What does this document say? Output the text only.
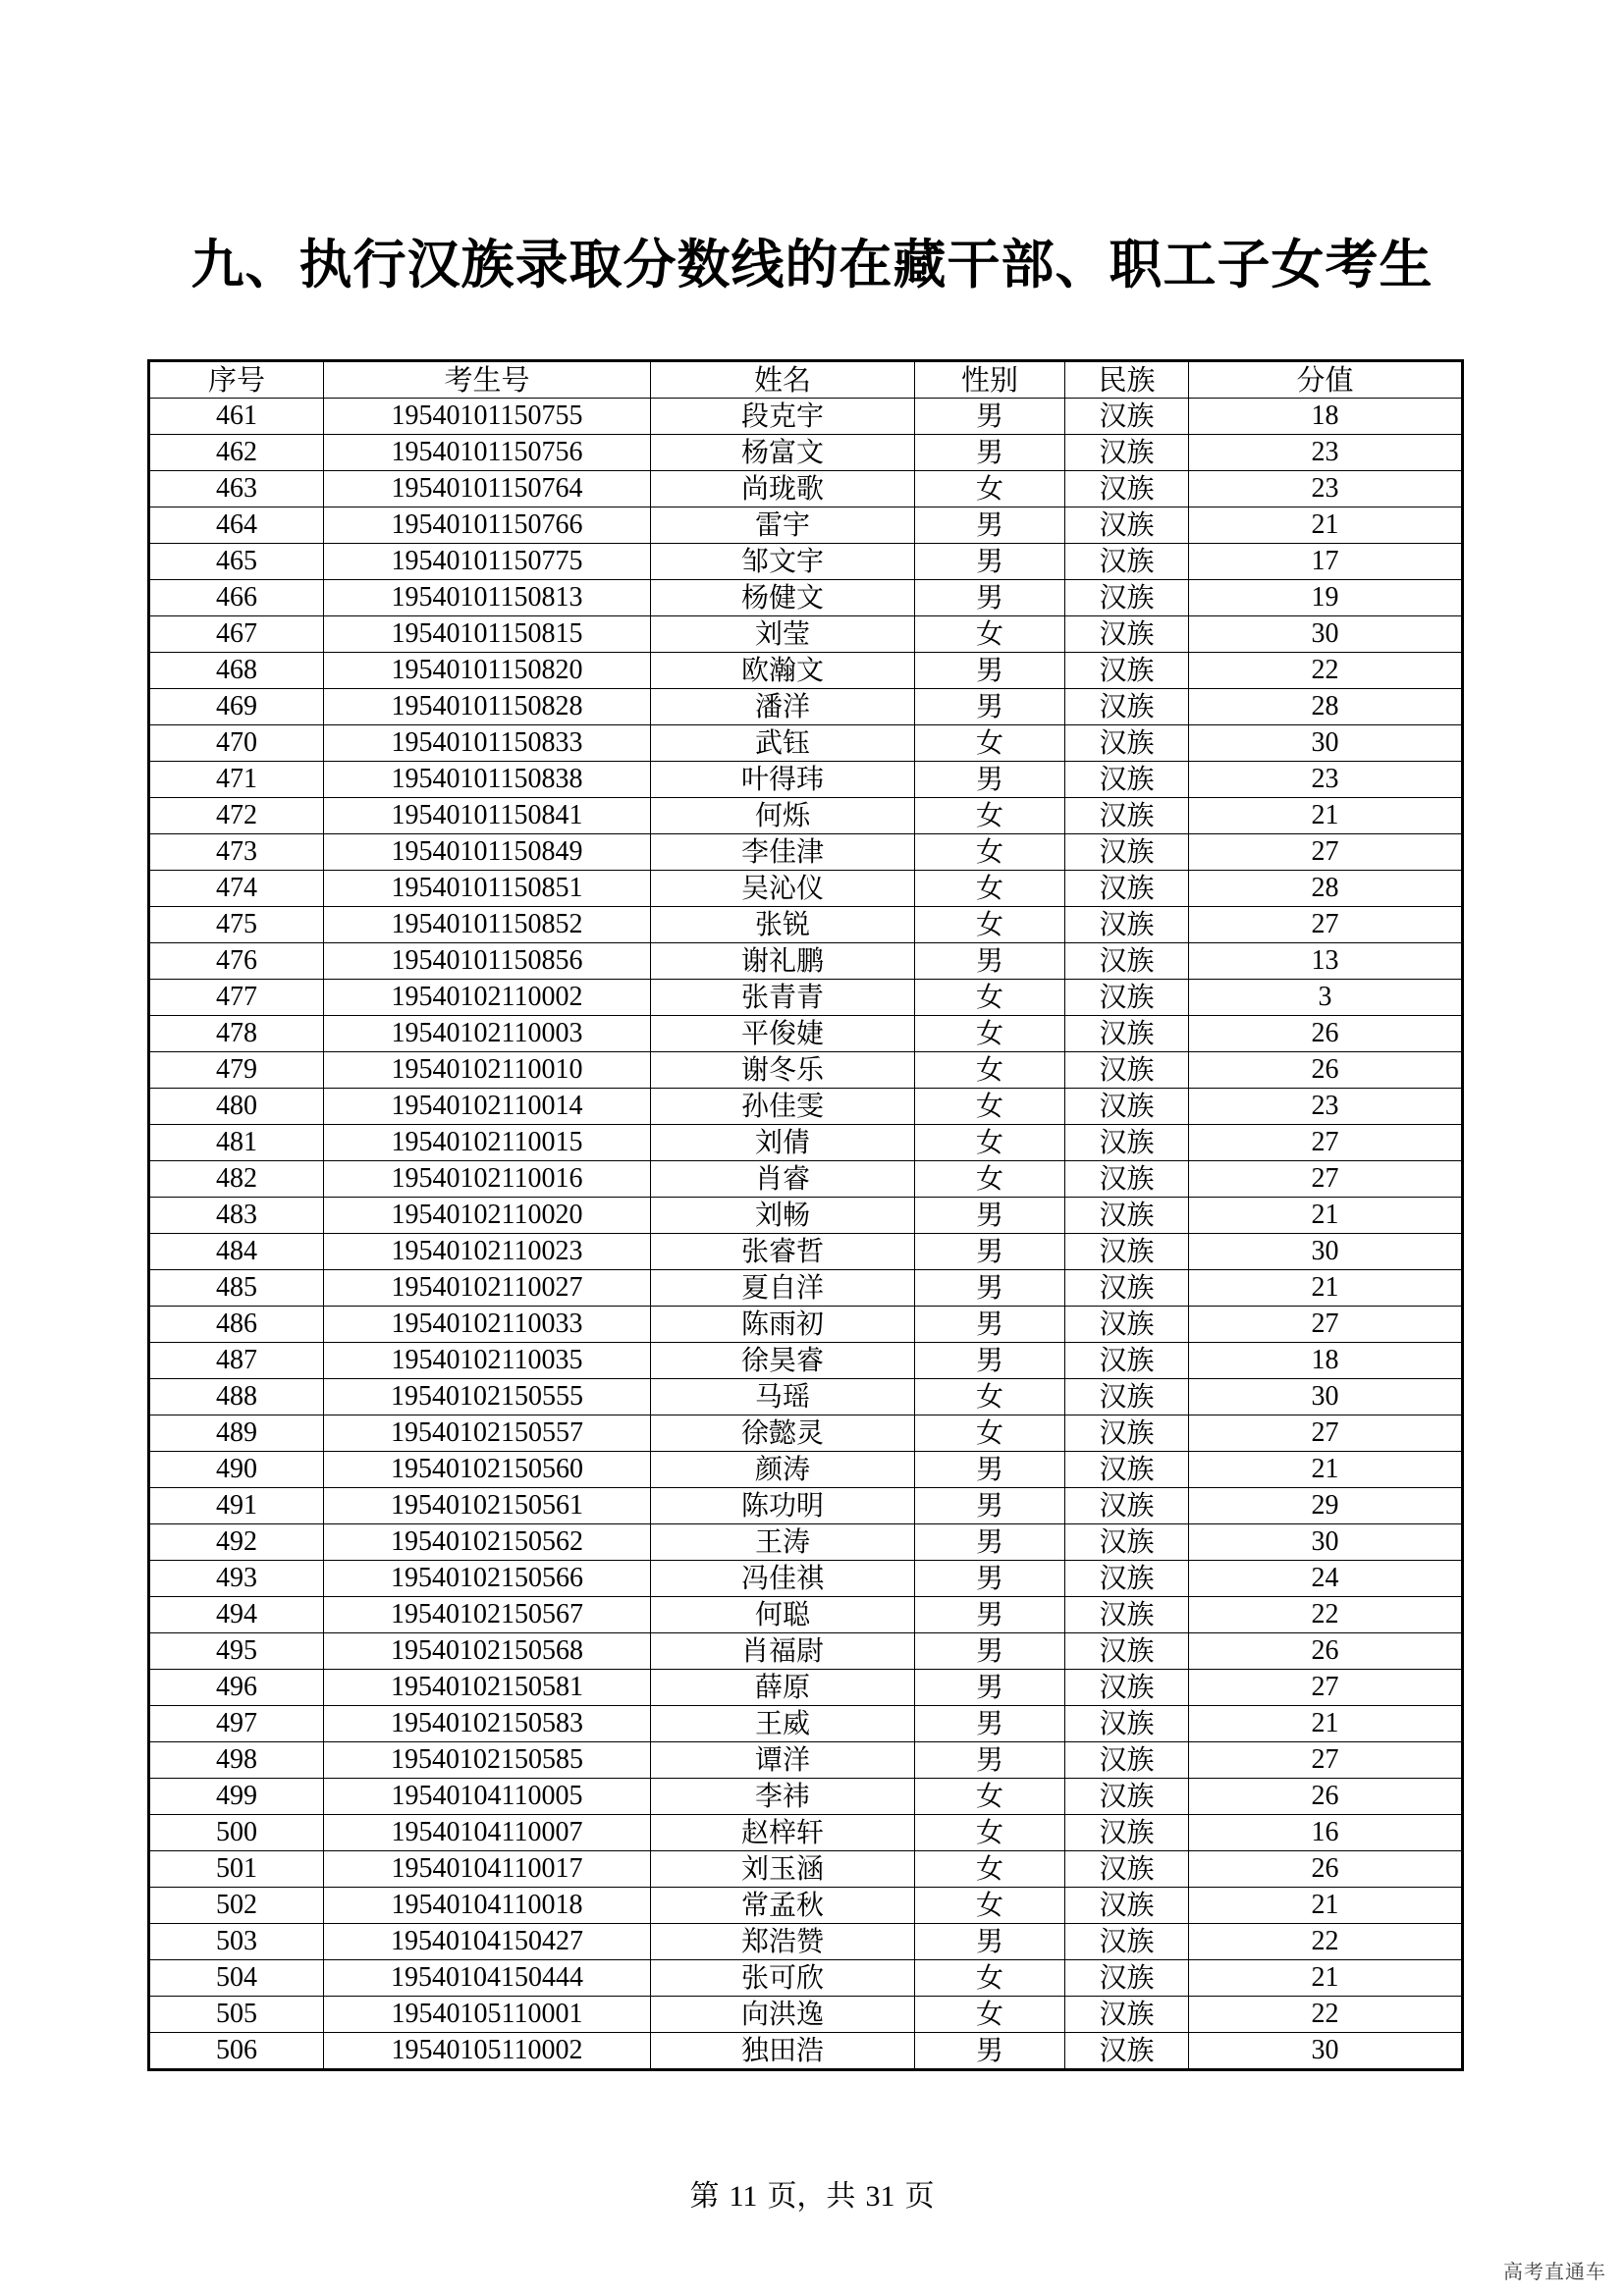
九、执行汉族录取分数线的在藏干部、职工子女考生
序号	考生号	姓名	性别	民族	分值
461	19540101150755	段克宇	男	汉族	18
462	19540101150756	杨富文	男	汉族	23
463	19540101150764	尚珑歌	女	汉族	23
464	19540101150766	雷宇	男	汉族	21
465	19540101150775	邹文宇	男	汉族	17
466	19540101150813	杨健文	男	汉族	19
467	19540101150815	刘莹	女	汉族	30
468	19540101150820	欧瀚文	男	汉族	22
469	19540101150828	潘洋	男	汉族	28
470	19540101150833	武钰	女	汉族	30
471	19540101150838	叶得玮	男	汉族	23
472	19540101150841	何烁	女	汉族	21
473	19540101150849	李佳津	女	汉族	27
474	19540101150851	吴沁仪	女	汉族	28
475	19540101150852	张锐	女	汉族	27
476	19540101150856	谢礼鹏	男	汉族	13
477	19540102110002	张青青	女	汉族	3
478	19540102110003	平俊婕	女	汉族	26
479	19540102110010	谢冬乐	女	汉族	26
480	19540102110014	孙佳雯	女	汉族	23
481	19540102110015	刘倩	女	汉族	27
482	19540102110016	肖睿	女	汉族	27
483	19540102110020	刘畅	男	汉族	21
484	19540102110023	张睿哲	男	汉族	30
485	19540102110027	夏自洋	男	汉族	21
486	19540102110033	陈雨初	男	汉族	27
487	19540102110035	徐昊睿	男	汉族	18
488	19540102150555	马瑶	女	汉族	30
489	19540102150557	徐懿灵	女	汉族	27
490	19540102150560	颜涛	男	汉族	21
491	19540102150561	陈功明	男	汉族	29
492	19540102150562	王涛	男	汉族	30
493	19540102150566	冯佳祺	男	汉族	24
494	19540102150567	何聪	男	汉族	22
495	19540102150568	肖福尉	男	汉族	26
496	19540102150581	薛原	男	汉族	27
497	19540102150583	王威	男	汉族	21
498	19540102150585	谭洋	男	汉族	27
499	19540104110005	李祎	女	汉族	26
500	19540104110007	赵梓轩	女	汉族	16
501	19540104110017	刘玉涵	女	汉族	26
502	19540104110018	常孟秋	女	汉族	21
503	19540104150427	郑浩赞	男	汉族	22
504	19540104150444	张可欣	女	汉族	21
505	19540105110001	向洪逸	女	汉族	22
506	19540105110002	独田浩	男	汉族	30
第 11 页，共 31 页
高考直通车
